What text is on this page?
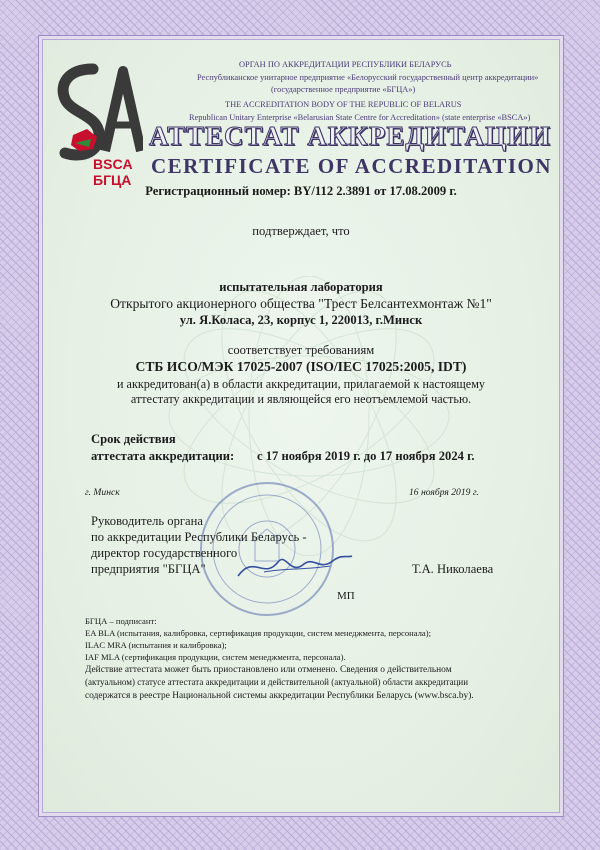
BSCA
БГЦА
ОРГАН ПО АККРЕДИТАЦИИ РЕСПУБЛИКИ БЕЛАРУСЬ
Республиканское унитарное предприятие «Белорусский государственный центр аккредитации»
(государственное предприятие «БГЦА»)
THE ACCREDITATION BODY OF THE REPUBLIC OF BELARUS
Republican Unitary Enterprise «Belarusian State Centre for Accreditation» (state enterprise «BSCA»)
АТТЕСТАТ АККРЕДИТАЦИИ
CERTIFICATE OF ACCREDITATION
Регистрационный номер: BY/112 2.3891 от 17.08.2009 г.
подтверждает, что
испытательная лаборатория
Открытого акционерного общества "Трест Белсантехмонтаж №1"
ул. Я.Коласа, 23, корпус 1, 220013, г.Минск
соответствует требованиям
СТБ ИСО/МЭК 17025-2007 (ISO/IEC 17025:2005, IDT)
и аккредитован(а) в области аккредитации, прилагаемой к настоящему
аттестату аккредитации и являющейся его неотъемлемой частью.
Срок действия
аттестата аккредитации: с 17 ноября 2019 г. до 17 ноября 2024 г.
г. Минск	16 ноября 2019 г.
Руководитель органа
по аккредитации Республики Беларусь -
директор государственного
предприятия "БГЦА"	Т.А. Николаева
МП
БГЦА – подписант:
EA BLA (испытания, калибровка, сертификация продукции, систем менеджмента, персонала);
ILAC MRA (испытания и калибровка);
IAF MLA (сертификация продукции, систем менеджмента, персонала).
Действие аттестата может быть приостановлено или отменено. Сведения о действительном
(актуальном) статусе аттестата аккредитации и действительной (актуальной) области аккредитации
содержатся в реестре Национальной системы аккредитации Республики Беларусь (www.bsca.by).
